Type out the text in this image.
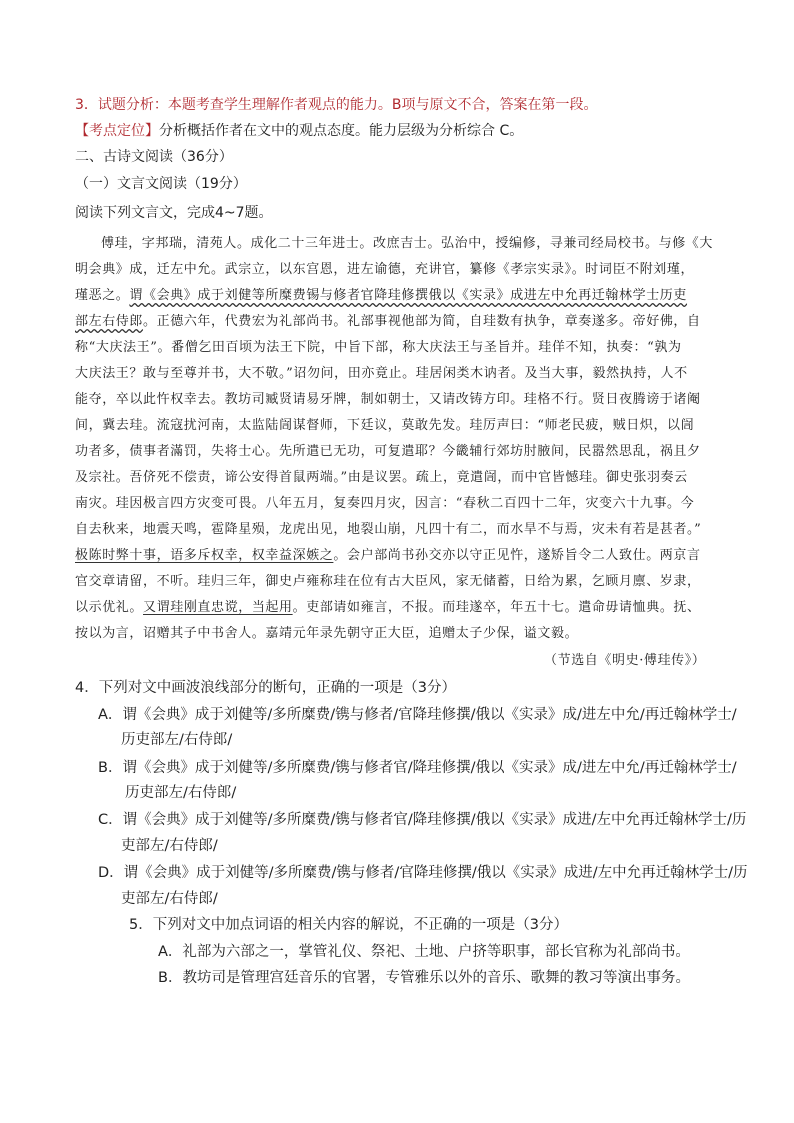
3．试题分析：本题考查学生理解作者观点的能力。B项与原文不合，答案在第一段。
【考点定位】分析概括作者在文中的观点态度。能力层级为分析综合 C。
二、古诗文阅读（36分）
（一）文言文阅读（19分）
阅读下列文言文，完成4~7题。
傅珪，字邦瑞，清苑人。成化二十三年进士。改庶吉士。弘治中，授编修，寻兼司经局校书。与修《大
明会典》成，迁左中允。武宗立，以东宫恩，进左谕德，充讲官，纂修《孝宗实录》。时词臣不附刘瑾，
瑾恶之。谓《会典》成于刘健等所糜费锡与修者官降珪修撰俄以《实录》成进左中允再迁翰林学士历吏
部左右侍郎。正德六年，代费宏为礼部尚书。礼部事视他部为简，自珪数有执争，章奏遂多。帝好佛，自
称“大庆法王”。番僧乞田百顷为法王下院，中旨下部，称大庆法王与圣旨并。珪佯不知，执奏：“孰为
大庆法王？敢与至尊并书，大不敬。”诏勿问，田亦竟止。珪居闲类木讷者。及当大事，毅然执持，人不
能夺，卒以此忤权幸去。教坊司臧贤请易牙牌，制如朝士，又请改铸方印。珪格不行。贤日夜腾谤于诸阉
间，冀去珪。流寇扰河南，太监陆訚谋督师，下廷议，莫敢先发。珪厉声曰：“师老民疲，贼日炽，以訚
功者多，债事者滿罚，失将士心。先所遣已无功，可复遣耶？今畿辅行郊坊肘腋间，民嚣然思乱，祸且夕
及宗社。吾侪死不偿责，谛公安得首鼠两端。”由是议罢。疏上，竟遣訚，而中官皆憾珪。御史张羽奏云
南灾。珪因极言四方灾变可畏。八年五月，复奏四月灾，因言：“春秋二百四十二年，灾变六十九事。今
自去秋来，地震天鸣，雹降星殒，龙虎出见，地裂山崩，凡四十有二，而水旱不与焉，灾未有若是甚者。”
极陈时弊十事，语多斥权幸，权幸益深嫉之。会户部尚书孙交亦以守正见忤，遂矫旨令二人致仕。两京言
官交章请留，不听。珪归三年，御史卢雍称珪在位有古大臣风，家无储蓄，日给为累，乞顾月廪、岁隶，
以示优礼。又谓珪刚直忠谠，当起用。吏部请如雍言，不报。而珪遂卒，年五十七。遣命毋请恤典。抚、
按以为言，诏赠其子中书舍人。嘉靖元年录先朝守正大臣，追赠太子少保，谥文毅。
（节选自《明史·傅珪传》）
4．下列对文中画波浪线部分的断句，正确的一项是（3分）
A．谓《会典》成于刘健等/多所糜费/镌与修者/官降珪修撰/俄以《实录》成/进左中允/再迁翰林学士/
历吏部左/右侍郎/
B．谓《会典》成于刘健等/多所糜费/镌与修者官/降珪修撰/俄以《实录》成/进左中允/再迁翰林学士/
历吏部左/右侍郎/
C．谓《会典》成于刘健等/多所糜费/镌与修者官/降珪修撰/俄以《实录》成进/左中允再迁翰林学士/历
吏部左/右侍郎/
D．谓《会典》成于刘健等/多所糜费/镌与修者/官降珪修撰/俄以《实录》成进/左中允再迁翰林学士/历
吏部左/右侍郎/
5．下列对文中加点词语的相关内容的解说，不正确的一项是（3分）
A．礼部为六部之一，掌管礼仪、祭祀、土地、户挤等职事，部长官称为礼部尚书。
B．教坊司是管理宫廷音乐的官署，专管雅乐以外的音乐、歌舞的教习等演出事务。
